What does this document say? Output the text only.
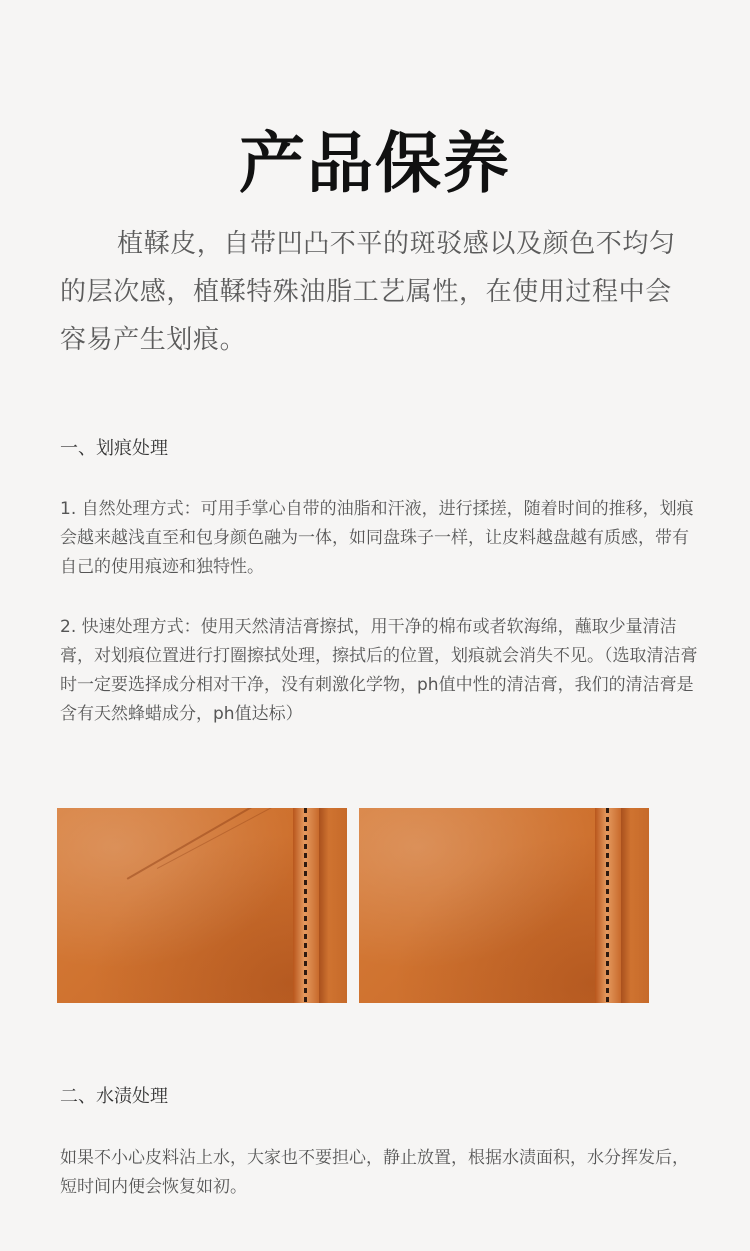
产品保养

植鞣皮，自带凹凸不平的斑驳感以及颜色不均匀的层次感，植鞣特殊油脂工艺属性，在使用过程中会容易产生划痕。

一、划痕处理

1. 自然处理方式：可用手掌心自带的油脂和汗液，进行揉搓，随着时间的推移，划痕会越来越浅直至和包身颜色融为一体，如同盘珠子一样，让皮料越盘越有质感，带有自己的使用痕迹和独特性。

2. 快速处理方式：使用天然清洁膏擦拭，用干净的棉布或者软海绵，蘸取少量清洁膏，对划痕位置进行打圈擦拭处理，擦拭后的位置，划痕就会消失不见。（选取清洁膏时一定要选择成分相对干净，没有刺激化学物，ph值中性的清洁膏，我们的清洁膏是含有天然蜂蜡成分，ph值达标）

二、水渍处理

如果不小心皮料沾上水，大家也不要担心，静止放置，根据水渍面积，水分挥发后，短时间内便会恢复如初。
